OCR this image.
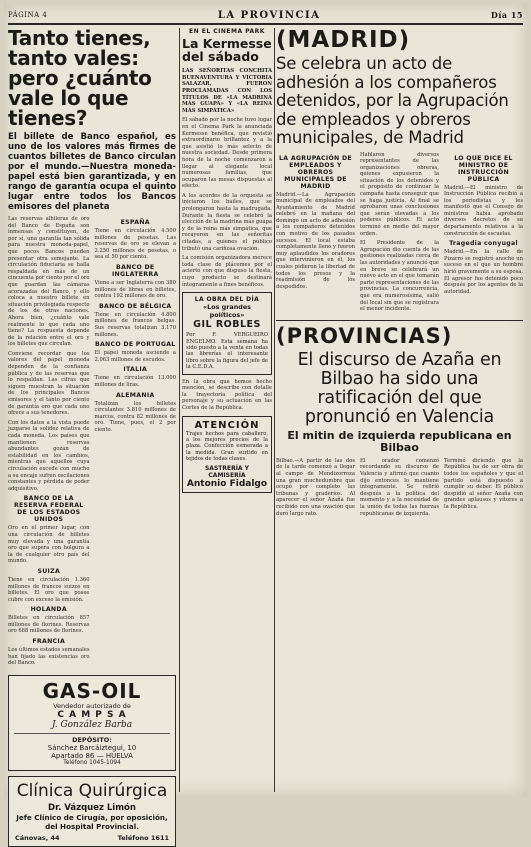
PÁGINA 4	LA PROVINCIA	Día 15
Tanto tienes, tanto vales: pero ¿cuánto vale lo que tienes?

El billete de Banco español, es uno de los valores más firmes de cuantos billetes de Banco circulan por el mundo.—Nuestra moneda-papel está bien garantizada, y en rango de garantía ocupa el quinto lugar entre todos los Bancos emisores del planeta

Las reservas alhileras de oro del Banco de España son inmensas y constituyen, de por sí, una garantía tan sólida para nuestra moneda-papel, que pocos Bancos pueden presentar otra semejante. La circulación fiduciaria se halla respaldada en más de un cincuenta por ciento por el oro que guardan las cámaras acorazadas del Banco, y ello coloca a nuestro billete en situación privilegiada respecto de los de otras naciones. Ahora bien, ¿cuánto vale realmente lo que cada uno tiene? La respuesta depende de la relación entre el oro y los billetes que circulan.

Conviene recordar que los valores del papel moneda dependen de la confianza pública y de las reservas que lo respaldan. Las cifras que siguen muestran la situación de los principales Bancos emisores y el tanto por ciento de garantía oro que cada uno ofrece a sus tenedores.

Con los datos a la vista puede juzgarse la solidez relativa de cada moneda. Los países que mantienen reservas abundantes gozan de estabilidad en los cambios, mientras que aquellos cuya circulación excede con mucho a su encaje sufren oscilaciones constantes y pérdida de poder adquisitivo.

BANCO DE LA RESERVA FEDERAL DE LOS ESTADOS UNIDOS

Oro en el primer lugar, con una circulación de billetes muy elevada y una garantía oro que supera con holgura a la de cualquier otro país del mundo.

SUIZA

Tiene en circulación 1.360 millones de francos suizos en billetes. El oro que posee cubre con exceso la emisión.

HOLANDA

Billetes en circulación 857 millones de florines. Reservas oro 688 millones de florines.

FRANCIA

Los últimos estados semanales han fijado las existencias oro del Banco.

ESPAÑA

Tiene en circulación 4.500 millones de pesetas. Las reservas de oro se elevan a 2.250 millones de pesetas, o sea el 50 por ciento.

BANCO DE INGLATERRA

Viene a ser Inglaterra con 380 millones de libras en billetes, contra 192 millones de oro.

BANCO DE BÉLGICA

Tiene en circulación 4.800 millones de francos belgas. Sus reservas totalizan 3.170 millones.

BANCO DE PORTUGAL

El papel moneda asciende a 2.063 millones de escudos.

ITALIA

Tiene en circulación 13.000 millones de liras.

ALEMANIA

Totalizan los billetes circulantes 3.810 millones de marcos, contra 82 millones de oro. Tiene, pues, el 2 por ciento.

GAS-OIL
Vendedor autorizado de
C A M P S A
J. González Barba
DEPÓSITO:
Sánchez Barcáiztegui, 10
Apartado 86 — HUELVA
Teléfono 1045-1094
Clínica Quirúrgica
Dr. Vázquez Limón
Jefe Clínico de Cirugía, por oposición, del Hospital Provincial.
Cánovas, 44	Teléfono 1611
EN EL CINEMA PARK
La Kermesse del sábado

LAS SEÑORITAS CONCHITA BUENAVENTURA Y VICTORIA SALAZAR, FUERON PROCLAMADAS CON LOS TÍTULOS DE «LA MADRINA MÁS GUAPA» Y «LA REINA MÁS SIMPÁTICA»

El sábado por la noche tuvo lugar en el Cinema Park la anunciada Kermesse benéfica, que revistió extraordinario brillantez y a la que asistió lo más selecto de nuestra sociedad. Desde primera hora de la noche comenzaron a llegar al elegante local numerosas familias, que ocuparon las mesas dispuestas al efecto.

A los acordes de la orquesta se iniciaron los bailes, que se prolongaron hasta la madrugada. Durante la fiesta se celebró la elección de la madrina más guapa y de la reina más simpática, que recayeron en las señoritas citadas, a quienes el público tributó una cariñosa ovación.

La comisión organizadora merece toda clase de plácemes por el acierto con que dispuso la fiesta, cuyo producto se destinará íntegramente a fines benéficos.

LA OBRA DEL DÍA
«Los grandes políticos»
GIL ROBLES
Por F. VERGUEIRO ENGELMO. Esta semana ha sido puesto a la venta en todas las librerías el interesante libro sobre la figura del jefe de la C.E.D.A.

En la obra que hemos hecho mención, se describe con detalle la trayectoria política del personaje y su actuación en las Cortes de la República.

ATENCIÓN
Trajes hechos para caballero, a los mejores precios de la plaza. Confección esmerada a la medida. Gran surtido en tejidos de todas clases.
SASTRERÍA Y CAMISERÍA
Antonio Fidalgo
(MADRID)
Se celebra un acto de adhesión a los compañeros detenidos, por la Agrupación de empleados y obreros municipales, de Madrid
LA AGRUPACIÓN DE EMPLEADOS Y OBREROS MUNICIPALES DE MADRID

Madrid.—La Agrupación municipal de empleados del Ayuntamiento de Madrid celebró en la mañana del domingo un acto de adhesión a los compañeros detenidos con motivo de los pasados sucesos. El local estaba completamente lleno y fueron muy aplaudidos los oradores que intervinieron en él, los cuales pidieron la libertad de todos los presos y la readmisión de los despedidos.

Hablaron diversos representantes de las organizaciones obreras, quienes expusieron la situación de los detenidos y el propósito de continuar la campaña hasta conseguir que se haga justicia. Al final se aprobaron unas conclusiones que serán elevadas a los poderes públicos. El acto terminó en medio del mayor orden.

El Presidente de la Agrupación dio cuenta de las gestiones realizadas cerca de las autoridades y anunció que en breve se celebrará un nuevo acto en el que tomarán parte representaciones de las provincias. La concurrencia, que era numerosísima, salió del local sin que se registrara el menor incidente.

LO QUE DICE EL MINISTRO DE INSTRUCCIÓN PÚBLICA

Madrid.—El ministro de Instrucción Pública recibió a los periodistas y les manifestó que el Consejo de ministros había aprobado diversos decretos de su departamento relativos a la construcción de escuelas.

Tragedia conyugal

Madrid.—En la calle de Pizarro se registró anoche un suceso en el que un hombre hirió gravemente a su esposa. El agresor fue detenido poco después por los agentes de la autoridad.

(PROVINCIAS)
El discurso de Azaña en Bilbao ha sido una ratificación del que pronunció en Valencia
El mitin de izquierda republicana en Bilbao

Bilbao.—A partir de las dos de la tarde comenzó a llegar al campo de Mendizorroza una gran muchedumbre que ocupó por completo las tribunas y graderíos. Al aparecer el señor Azaña fue recibido con una ovación que duró largo rato.

El orador comenzó recordando su discurso de Valencia y afirmó que cuanto dijo entonces lo mantiene íntegramente. Se refirió después a la política del momento y a la necesidad de la unión de todas las fuerzas republicanas de izquierda.

Terminó diciendo que la República ha de ser obra de todos los españoles y que el partido está dispuesto a cumplir su deber. El público despidió al señor Azaña con grandes aplausos y vítores a la República.
